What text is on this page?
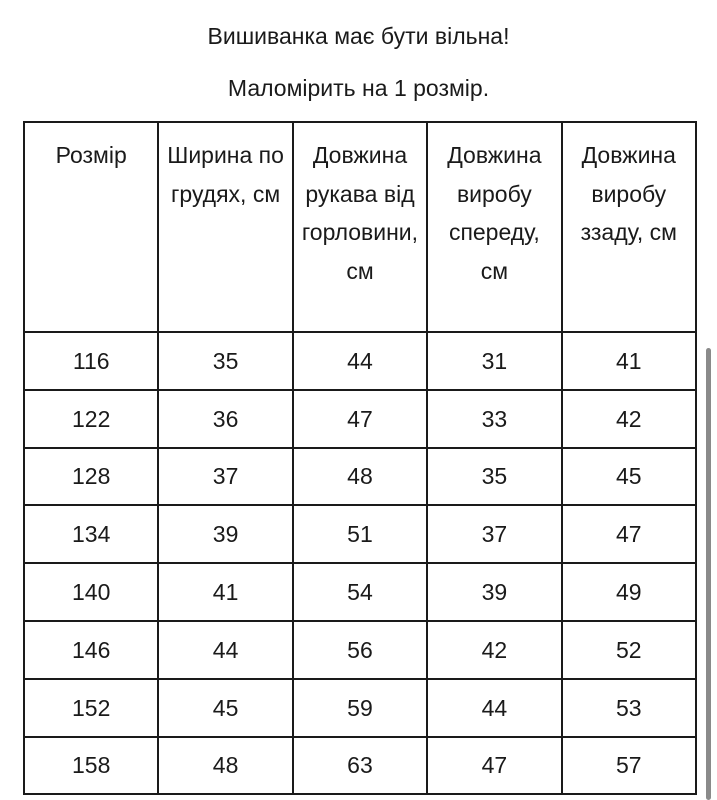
Вишиванка має бути вільна!
Маломірить на 1 розмір.
Розмір	Ширина по грудях, см	Довжина рукава від горловини, см	Довжина виробу спереду, см	Довжина виробу ззаду, см
116	35	44	31	41
122	36	47	33	42
128	37	48	35	45
134	39	51	37	47
140	41	54	39	49
146	44	56	42	52
152	45	59	44	53
158	48	63	47	57
